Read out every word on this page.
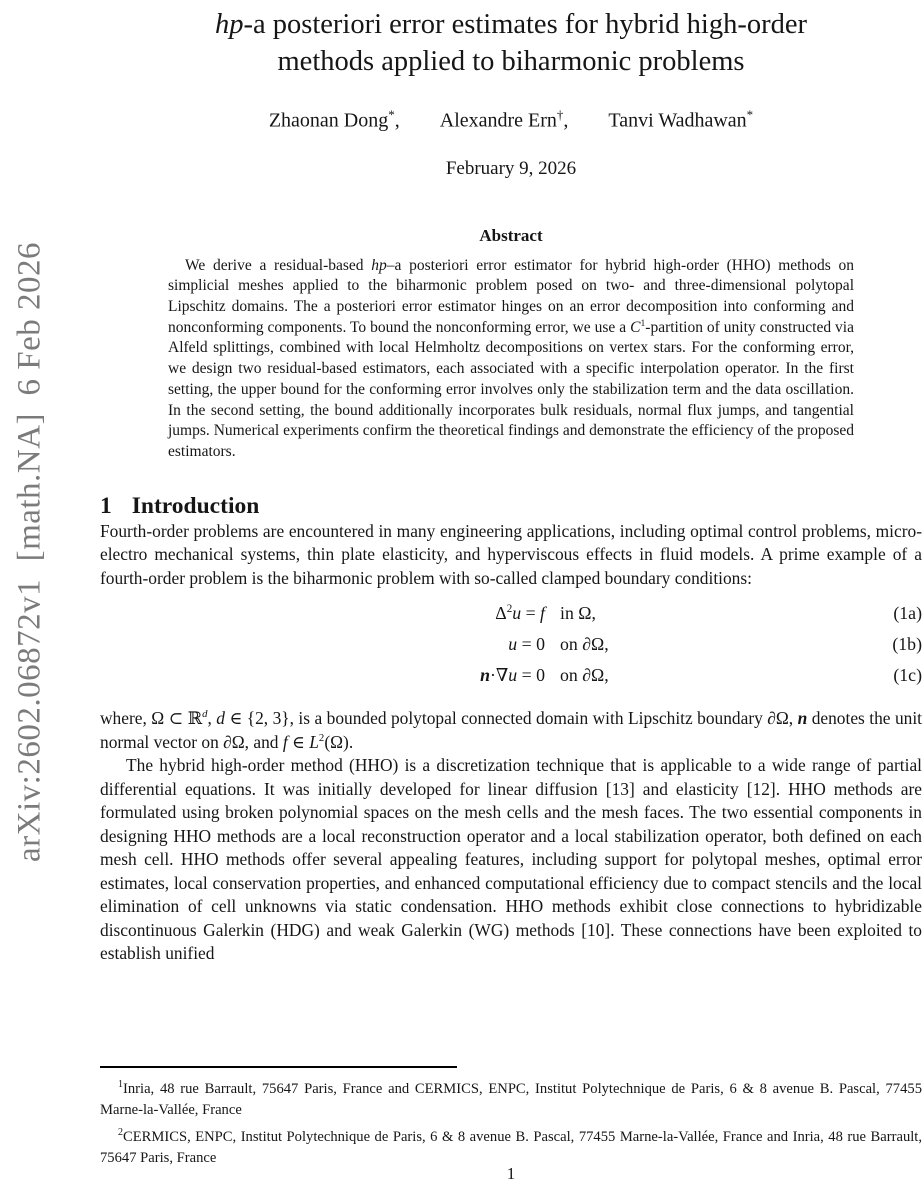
arXiv:2602.06872v1  [math.NA]  6 Feb 2026
hp-a posteriori error estimates for hybrid high-order
methods applied to biharmonic problems
Zhaonan Dong*, Alexandre Ern†, Tanvi Wadhawan*
February 9, 2026
Abstract

We derive a residual-based hp–a posteriori error estimator for hybrid high-order (HHO) methods on simplicial meshes applied to the biharmonic problem posed on two- and three-dimensional polytopal Lipschitz domains. The a posteriori error estimator hinges on an error decomposition into conforming and nonconforming components. To bound the nonconforming error, we use a $C^1$-partition of unity constructed via Alfeld splittings, combined with local Helmholtz decompositions on vertex stars. For the conforming error, we design two residual-based estimators, each associated with a specific interpolation operator. In the first setting, the upper bound for the conforming error involves only the stabilization term and the data oscillation. In the second setting, the bound additionally incorporates bulk residuals, normal flux jumps, and tangential jumps. Numerical experiments confirm the theoretical findings and demonstrate the efficiency of the proposed estimators.

1 Introduction

Fourth-order problems are encountered in many engineering applications, including optimal control problems, micro-electro mechanical systems, thin plate elasticity, and hyperviscous effects in fluid models. A prime example of a fourth-order problem is the biharmonic problem with so-called clamped boundary conditions:

$\Delta^2u = f$ in Ω,	(1a)
u = 0 on ∂Ω,	(1b)
n·∇u = 0 on ∂Ω,	(1c)

where, Ω ⊂ ℝ$^d$, d ∈ {2, 3}, is a bounded polytopal connected domain with Lipschitz boundary ∂Ω, n denotes the unit normal vector on ∂Ω, and f ∈ $L^2(\Omega)$.

The hybrid high-order method (HHO) is a discretization technique that is applicable to a wide range of partial differential equations. It was initially developed for linear diffusion [13] and elasticity [12]. HHO methods are formulated using broken polynomial spaces on the mesh cells and the mesh faces. The two essential components in designing HHO methods are a local reconstruction operator and a local stabilization operator, both defined on each mesh cell. HHO methods offer several appealing features, including support for polytopal meshes, optimal error estimates, local conservation properties, and enhanced computational efficiency due to compact stencils and the local elimination of cell unknowns via static condensation. HHO methods exhibit close connections to hybridizable discontinuous Galerkin (HDG) and weak Galerkin (WG) methods [10]. These connections have been exploited to establish unified

$^1$Inria, 48 rue Barrault, 75647 Paris, France and CERMICS, ENPC, Institut Polytechnique de Paris, 6 & 8 avenue B. Pascal, 77455 Marne-la-Vallée, France

$^2$CERMICS, ENPC, Institut Polytechnique de Paris, 6 & 8 avenue B. Pascal, 77455 Marne-la-Vallée, France and Inria, 48 rue Barrault, 75647 Paris, France

1
